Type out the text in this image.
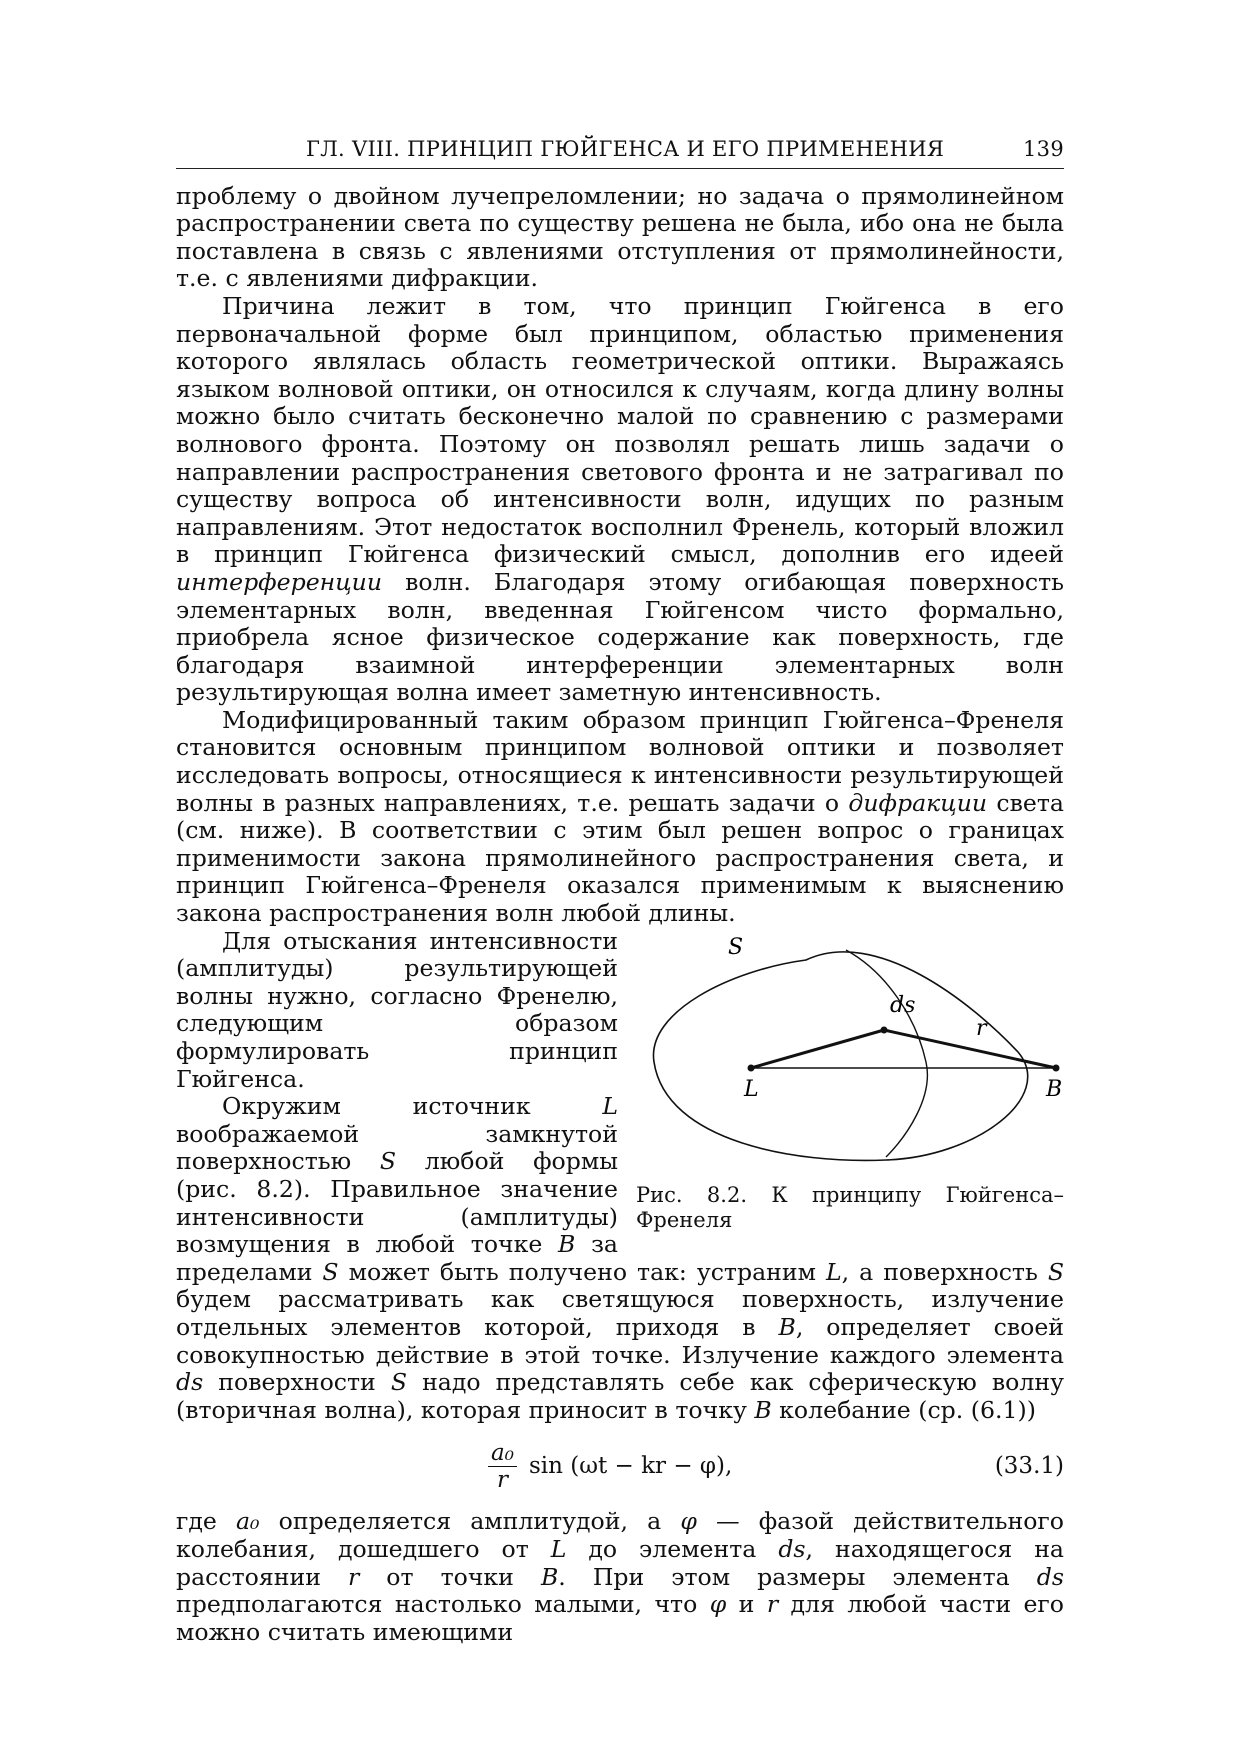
ГЛ. VIII. ПРИНЦИП ГЮЙГЕНСА И ЕГО ПРИМЕНЕНИЯ	139

проблему о двойном лучепреломлении; но задача о прямолинейном распространении света по существу решена не была, ибо она не была поставлена в связь с явлениями отступления от прямолинейности, т.е. с явлениями дифракции.

Причина лежит в том, что принцип Гюйгенса в его первоначальной форме был принципом, областью применения которого являлась область геометрической оптики. Выражаясь языком волновой оптики, он относился к случаям, когда длину волны можно было считать бесконечно малой по сравнению с размерами волнового фронта. Поэтому он позволял решать лишь задачи о направлении распространения светового фронта и не затрагивал по существу вопроса об интенсивности волн, идущих по разным направлениям. Этот недостаток восполнил Френель, который вложил в принцип Гюйгенса физический смысл, дополнив его идеей интерференции волн. Благодаря этому огибающая поверхность элементарных волн, введенная Гюйгенсом чисто формально, приобрела ясное физическое содержание как поверхность, где благодаря взаимной интерференции элементарных волн результирующая волна имеет заметную интенсивность.

Модифицированный таким образом принцип Гюйгенса–Френеля становится основным принципом волновой оптики и позволяет исследовать вопросы, относящиеся к интенсивности результирующей волны в разных направлениях, т.е. решать задачи о дифракции света (см. ниже). В соответствии с этим был решен вопрос о границах применимости закона прямолинейного распространения света, и принцип Гюйгенса–Френеля оказался применимым к выяснению закона распространения волн любой длины.

S
ds
r
L	B
Рис. 8.2. К принципу Гюйгенса–Френеля

Для отыскания интенсивности (амплитуды) результирующей волны нужно, согласно Френелю, следующим образом формулировать принцип Гюйгенса.

Окружим источник L воображаемой замкнутой поверхностью S любой формы (рис. 8.2). Правильное значение интенсивности (амплитуды) возмущения в любой точке B за пределами S может быть получено так: устраним L, а поверхность S будем рассматривать как светящуюся поверхность, излучение отдельных элементов которой, приходя в B, определяет своей совокупностью действие в этой точке. Излучение каждого элемента ds поверхности S надо представлять себе как сферическую волну (вторичная волна), которая приносит в точку B колебание (ср. (6.1))

$\frac{\text{a₀}}{r}$ sin (ωt − kr − φ),	(33.1)

где a₀ определяется амплитудой, а φ — фазой действительного колебания, дошедшего от L до элемента ds, находящегося на расстоянии r от точки B. При этом размеры элемента ds предполагаются настолько малыми, что φ и r для любой части его можно считать имеющими
